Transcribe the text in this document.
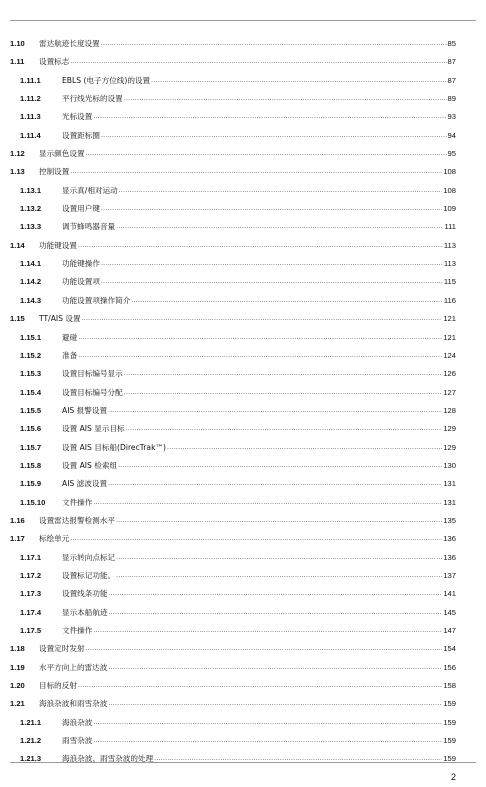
1.10	雷达航迹长度设置 .....	85
1.11	设置标志 .....	87
1.11.1	EBLS (电子方位线)的设置 .....	87
1.11.2	平行线光标的设置 .....	89
1.11.3	光标设置 .....	93
1.11.4	设置距标圈 .....	94
1.12	显示颜色设置 .....	95
1.13	控制设置 .....	108
1.13.1	显示真/相对运动 .....	108
1.13.2	设置用户键 .....	109
1.13.3	调节蜂鸣器音量 .....	111
1.14	功能键设置 .....	113
1.14.1	功能键操作 .....	113
1.14.2	功能设置项 .....	115
1.14.3	功能设置项操作简介 .....	116
1.15	TT/AIS 设置 .....	121
1.15.1	避碰 .....	121
1.15.2	准备 .....	124
1.15.3	设置目标编号显示 .....	126
1.15.4	设置目标编号分配 .....	127
1.15.5	AIS 报警设置 .....	128
1.15.6	设置 AIS 显示目标 .....	129
1.15.7	设置 AIS 目标船(DirecTrak™) .....	129
1.15.8	设置 AIS 检索组 .....	130
1.15.9	AIS 滤波设置 .....	131
1.15.10	文件操作 .....	131
1.16	设置雷达报警检测水平 .....	135
1.17	标绘单元 .....	136
1.17.1	显示转向点标记 .....	136
1.17.2	设置标记功能。 .....	137
1.17.3	设置线条功能 .....	141
1.17.4	显示本船航迹 .....	145
1.17.5	文件操作 .....	147
1.18	设置定时发射 .....	154
1.19	水平方向上的雷达波 .....	156
1.20	目标的反射 .....	158
1.21	海浪杂波和雨雪杂波 .....	159
1.21.1	海浪杂波 .....	159
1.21.2	雨雪杂波 .....	159
1.21.3	海浪杂波、雨雪杂波的处理 .....	159
2
